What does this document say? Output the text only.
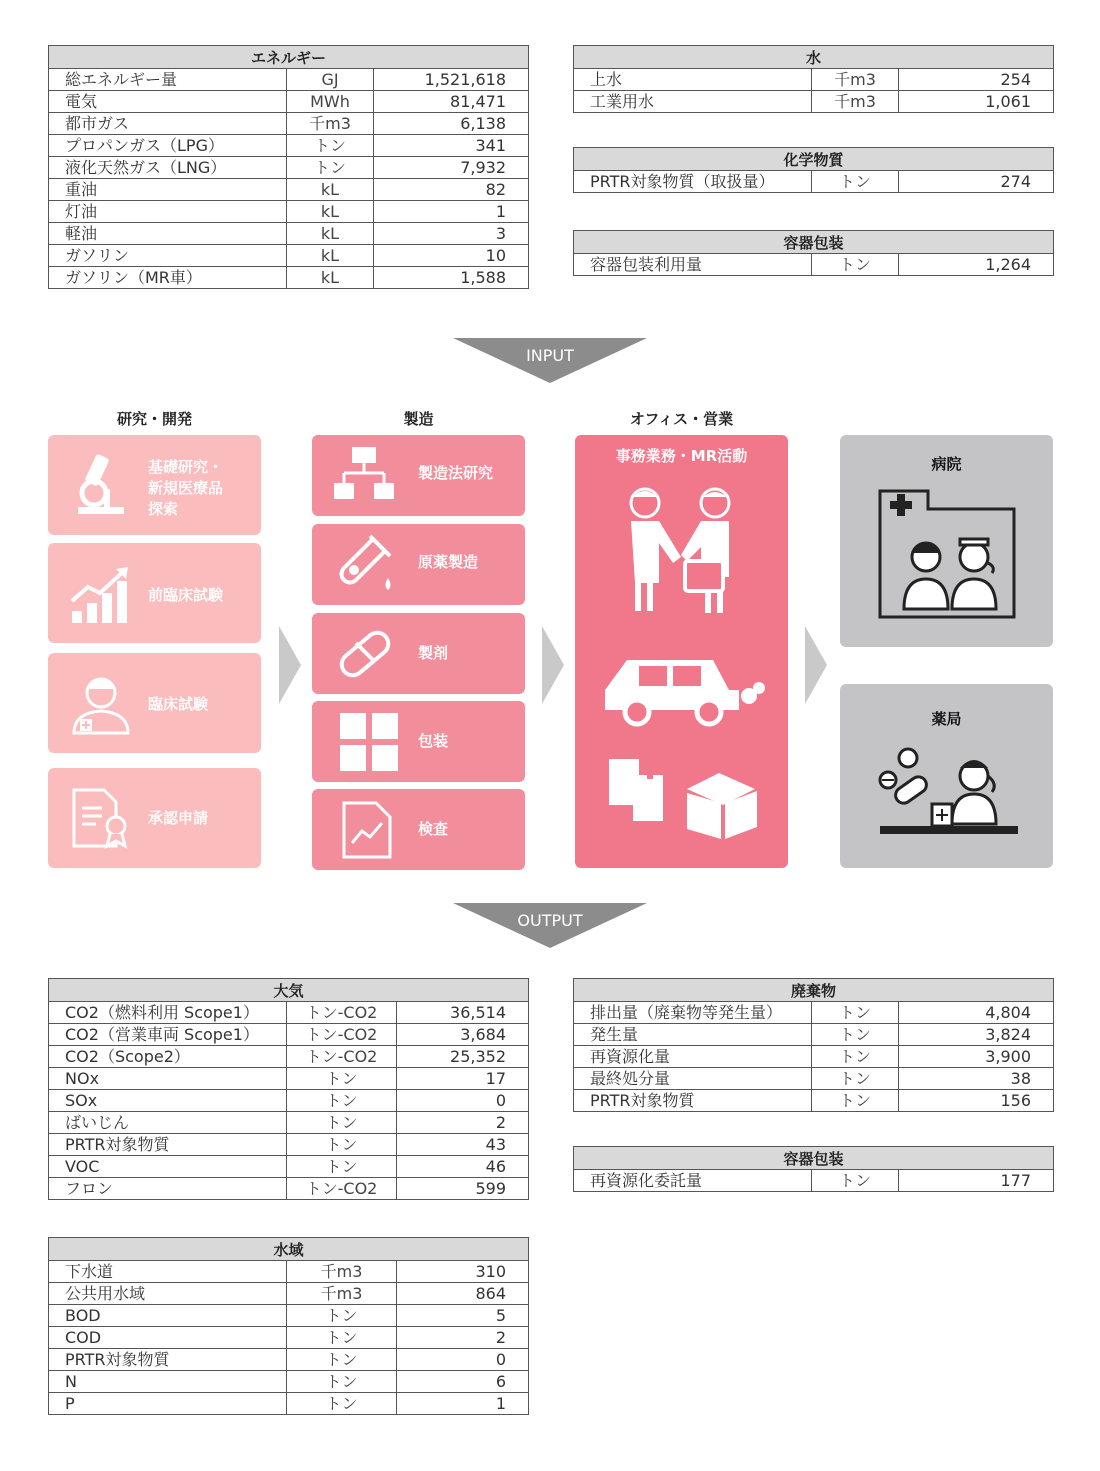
エネルギー		
総エネルギー量	GJ	1,521,618
電気	MWh	81,471
都市ガス	千m3	6,138
プロパンガス（LPG）	トン	341
液化天然ガス（LNG）	トン	7,932
重油	kL	82
灯油	kL	1
軽油	kL	3
ガソリン	kL	10
ガソリン（MR車）	kL	1,588
水		
上水	千m3	254
工業用水	千m3	1,061
化学物質
PRTR対象物質（取扱量）	トン	274
容器包装
容器包装利用量	トン	1,264
INPUT
研究・開発	製造	オフィス・営業
基礎研究・
新規医療品
探索
前臨床試験
臨床試験
承認申請
製造法研究
原薬製造
製剤
包装
検査
事務業務・MR活動	病院
薬局
OUTPUT
大気		
CO2（燃料利用 Scope1）	トン-CO2	36,514
CO2（営業車両 Scope1）	トン-CO2	3,684
CO2（Scope2）	トン-CO2	25,352
NOx	トン	17
SOx	トン	0
ばいじん	トン	2
PRTR対象物質	トン	43
VOC	トン	46
フロン	トン-CO2	599
水域		
下水道	千m3	310
公共用水域	千m3	864
BOD	トン	5
COD	トン	2
PRTR対象物質	トン	0
N	トン	6
P	トン	1
廃棄物		
排出量（廃棄物等発生量）	トン	4,804
発生量	トン	3,824
再資源化量	トン	3,900
最終処分量	トン	38
PRTR対象物質	トン	156
容器包装
再資源化委託量	トン	177
